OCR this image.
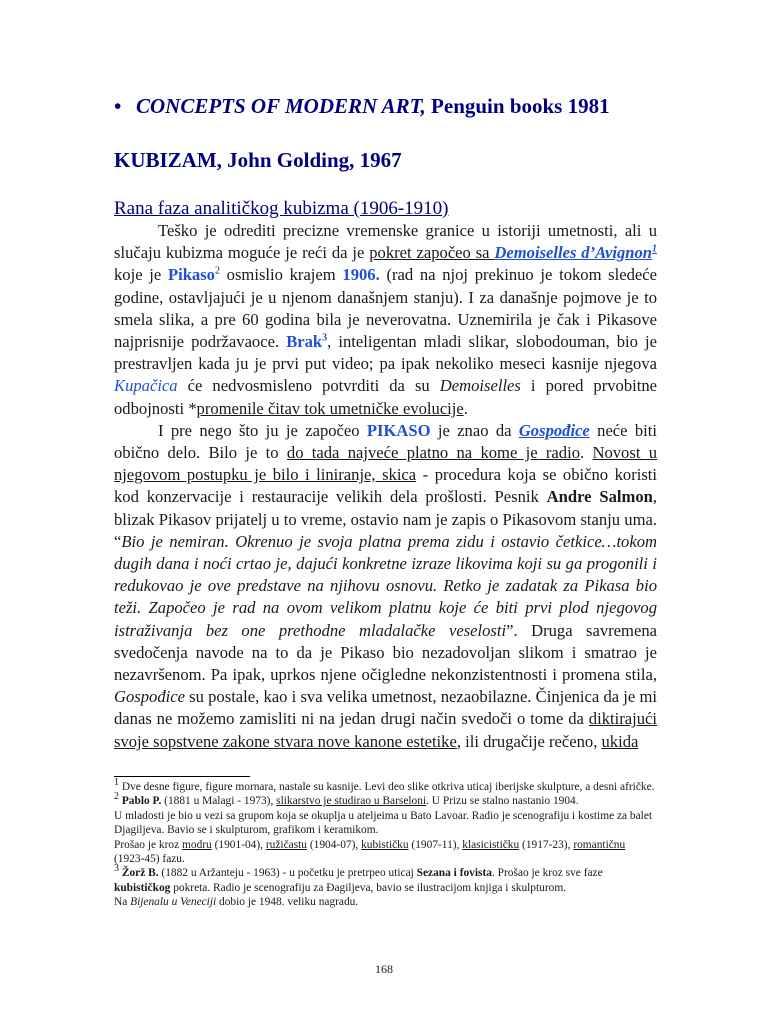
• CONCEPTS OF MODERN ART, Penguin books 1981
KUBIZAM, John Golding, 1967
Rana faza analitičkog kubizma (1906-1910)

Teško je odrediti precizne vremenske granice u istoriji umetnosti, ali u slučaju kubizma moguće je reći da je pokret započeo sa Demoiselles d’Avignon$^1$ koje je Pikaso$^2$ osmislio krajem 1906. (rad na njoj prekinuo je tokom sledeće godine, ostavljajući je u njenom današnjem stanju). I za današnje pojmove je to smela slika, a pre 60 godina bila je neverovatna. Uznemirila je čak i Pikasove najprisnije podržavaoce. Brak$^3$, inteligentan mladi slikar, slobodouman, bio je prestravljen kada ju je prvi put video; pa ipak nekoliko meseci kasnije njegova Kupačica će nedvosmisleno potvrditi da su Demoiselles i pored prvobitne odbojnosti *promenile čitav tok umetničke evolucije.

I pre nego što ju je započeo PIKASO je znao da Gospođice neće biti obično delo. Bilo je to do tada najveće platno na kome je radio. Novost u njegovom postupku je bilo i liniranje, skica - procedura koja se obično koristi kod konzervacije i restauracije velikih dela prošlosti. Pesnik Andre Salmon, blizak Pikasov prijatelj u to vreme, ostavio nam je zapis o Pikasovom stanju uma. “Bio je nemiran. Okrenuo je svoja platna prema zidu i ostavio četkice…tokom dugih dana i noći crtao je, dajući konkretne izraze likovima koji su ga progonili i redukovao je ove predstave na njihovu osnovu. Retko je zadatak za Pikasa bio teži. Započeo je rad na ovom velikom platnu koje će biti prvi plod njegovog istraživanja bez one prethodne mladalačke veselosti”. Druga savremena svedočenja navode na to da je Pikaso bio nezadovoljan slikom i smatrao je nezavršenom. Pa ipak, uprkos njene očigledne nekonzistentnosti i promena stila, Gospođice su postale, kao i sva velika umetnost, nezaobilazne. Činjenica da je mi danas ne možemo zamisliti ni na jedan drugi način svedoči o tome da diktirajući svoje sopstvene zakone stvara nove kanone estetike, ili drugačije rečeno, ukida

$^1$ Dve desne figure, figure mornara, nastale su kasnije. Levi deo slike otkriva uticaj iberijske skulpture, a desni afričke.

$^2$ Pablo P. (1881 u Malagi - 1973), slikarstvo je studirao u Barseloni. U Prizu se stalno nastanio 1904.

U mladosti je bio u vezi sa grupom koja se okuplja u ateljeima u Bato Lavoar. Radio je scenografiju i kostime za balet Djagiljeva. Bavio se i skulpturom, grafikom i keramikom.

Prošao je kroz modru (1901-04), ružičastu (1904-07), kubističku (1907-11), klasicističku (1917-23), romantičnu (1923-45) fazu.

$^3$ Žorž B. (1882 u Aržanteju - 1963) - u početku je pretrpeo uticaj Sezana i fovista. Prošao je kroz sve faze kubističkog pokreta. Radio je scenografiju za Đagiljeva, bavio se ilustracijom knjiga i skulpturom.

Na Bijenalu u Veneciji dobio je 1948. veliku nagradu.

168
